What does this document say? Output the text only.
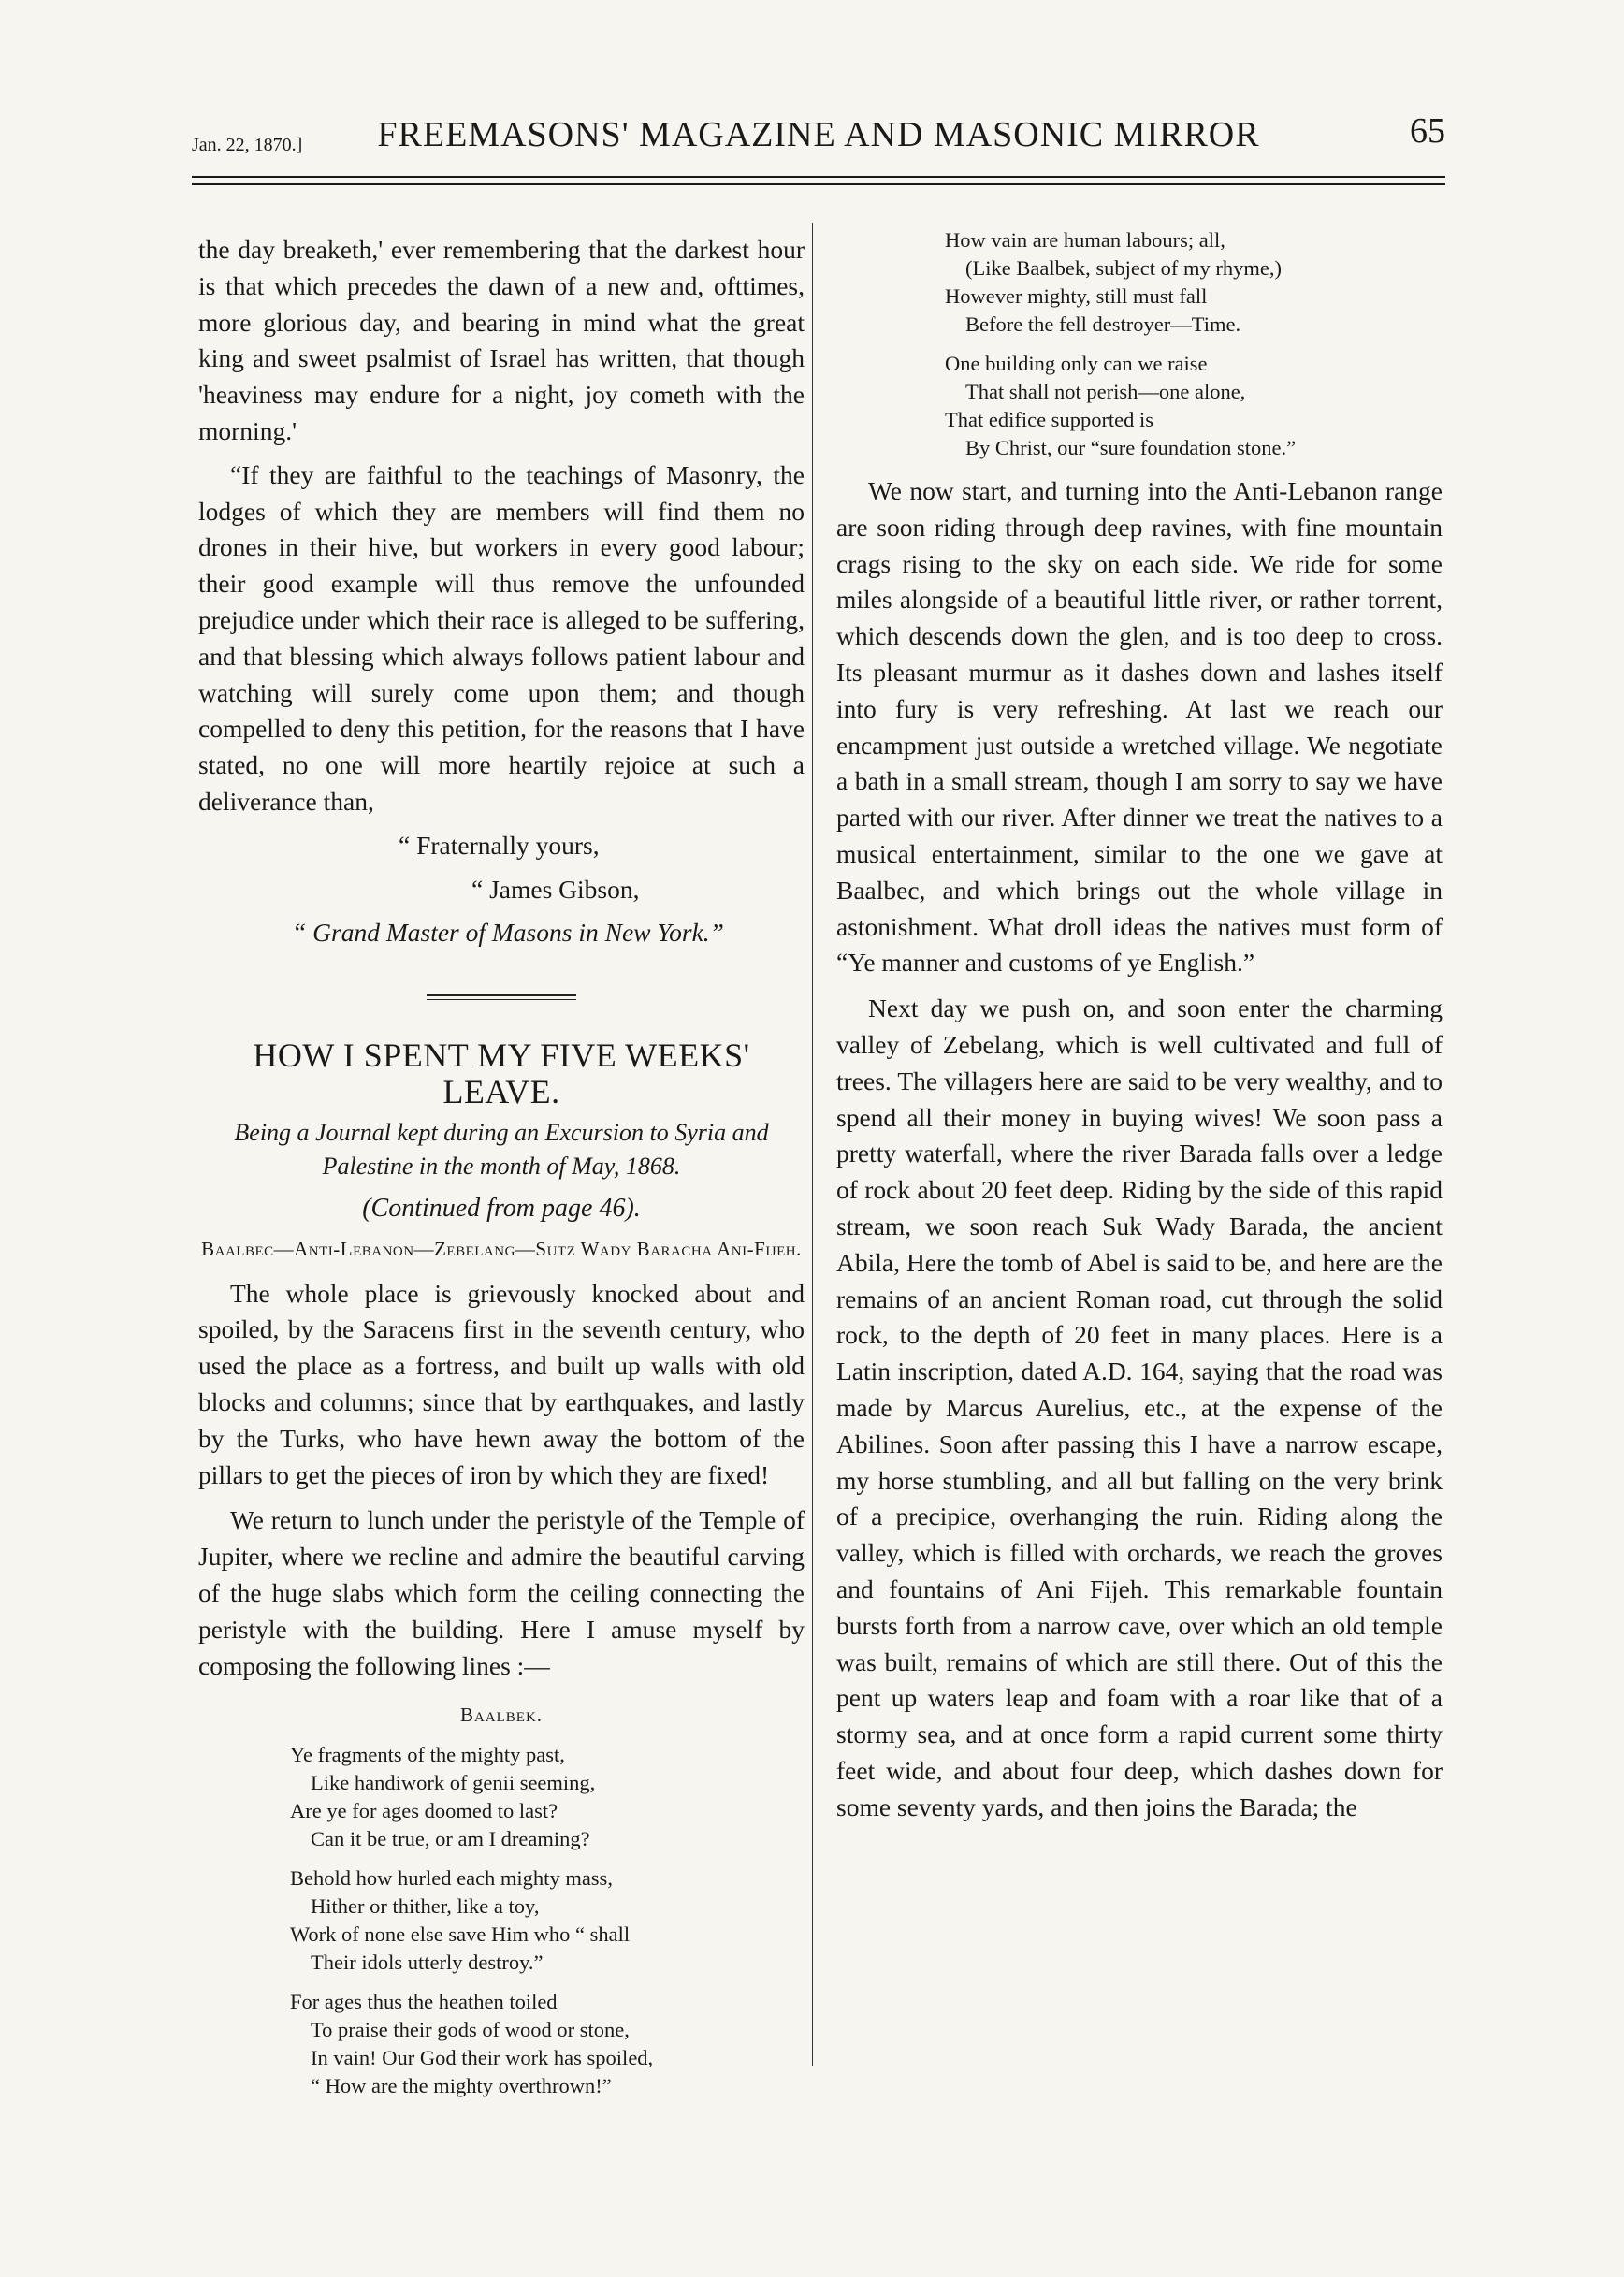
Jan. 22, 1870.]	FREEMASONS' MAGAZINE AND MASONIC MIRROR	65

the day breaketh,' ever remembering that the darkest hour is that which precedes the dawn of a new and, ofttimes, more glorious day, and bearing in mind what the great king and sweet psalmist of Israel has written, that though 'heaviness may endure for a night, joy cometh with the morning.'

“If they are faithful to the teachings of Masonry, the lodges of which they are members will find them no drones in their hive, but workers in every good labour; their good example will thus remove the unfounded prejudice under which their race is alleged to be suffering, and that blessing which always follows patient labour and watching will surely come upon them; and though compelled to deny this petition, for the reasons that I have stated, no one will more heartily rejoice at such a deliverance than,

“ Fraternally yours,

“ James Gibson,

“ Grand Master of Masons in New York.”

HOW I SPENT MY FIVE WEEKS' LEAVE.
Being a Journal kept during an Excursion to Syria and Palestine in the month of May, 1868.
(Continued from page 46).
Baalbec—Anti-Lebanon—Zebelang—Sutz Wady Baracha Ani-Fijeh.

The whole place is grievously knocked about and spoiled, by the Saracens first in the seventh century, who used the place as a fortress, and built up walls with old blocks and columns; since that by earthquakes, and lastly by the Turks, who have hewn away the bottom of the pillars to get the pieces of iron by which they are fixed!

We return to lunch under the peristyle of the Temple of Jupiter, where we recline and admire the beautiful carving of the huge slabs which form the ceiling connecting the peristyle with the building. Here I amuse myself by composing the following lines :—

Baalbek.

Ye fragments of the mighty past,

Like handiwork of genii seeming,

Are ye for ages doomed to last?

Can it be true, or am I dreaming?

Behold how hurled each mighty mass,

Hither or thither, like a toy,

Work of none else save Him who “ shall

Their idols utterly destroy.”

For ages thus the heathen toiled

To praise their gods of wood or stone,

In vain! Our God their work has spoiled,

“ How are the mighty overthrown!”

How vain are human labours; all,

(Like Baalbek, subject of my rhyme,)

However mighty, still must fall

Before the fell destroyer—Time.

One building only can we raise

That shall not perish—one alone,

That edifice supported is

By Christ, our “sure foundation stone.”

We now start, and turning into the Anti-Lebanon range are soon riding through deep ravines, with fine mountain crags rising to the sky on each side. We ride for some miles alongside of a beautiful little river, or rather torrent, which descends down the glen, and is too deep to cross. Its pleasant murmur as it dashes down and lashes itself into fury is very refreshing. At last we reach our encampment just outside a wretched village. We negotiate a bath in a small stream, though I am sorry to say we have parted with our river. After dinner we treat the natives to a musical entertainment, similar to the one we gave at Baalbec, and which brings out the whole village in astonishment. What droll ideas the natives must form of “Ye manner and customs of ye English.”

Next day we push on, and soon enter the charming valley of Zebelang, which is well cultivated and full of trees. The villagers here are said to be very wealthy, and to spend all their money in buying wives! We soon pass a pretty waterfall, where the river Barada falls over a ledge of rock about 20 feet deep. Riding by the side of this rapid stream, we soon reach Suk Wady Barada, the ancient Abila, Here the tomb of Abel is said to be, and here are the remains of an ancient Roman road, cut through the solid rock, to the depth of 20 feet in many places. Here is a Latin inscription, dated A.D. 164, saying that the road was made by Marcus Aurelius, etc., at the expense of the Abilines. Soon after passing this I have a narrow escape, my horse stumbling, and all but falling on the very brink of a precipice, overhanging the ruin. Riding along the valley, which is filled with orchards, we reach the groves and fountains of Ani Fijeh. This remarkable fountain bursts forth from a narrow cave, over which an old temple was built, remains of which are still there. Out of this the pent up waters leap and foam with a roar like that of a stormy sea, and at once form a rapid current some thirty feet wide, and about four deep, which dashes down for some seventy yards, and then joins the Barada; the
